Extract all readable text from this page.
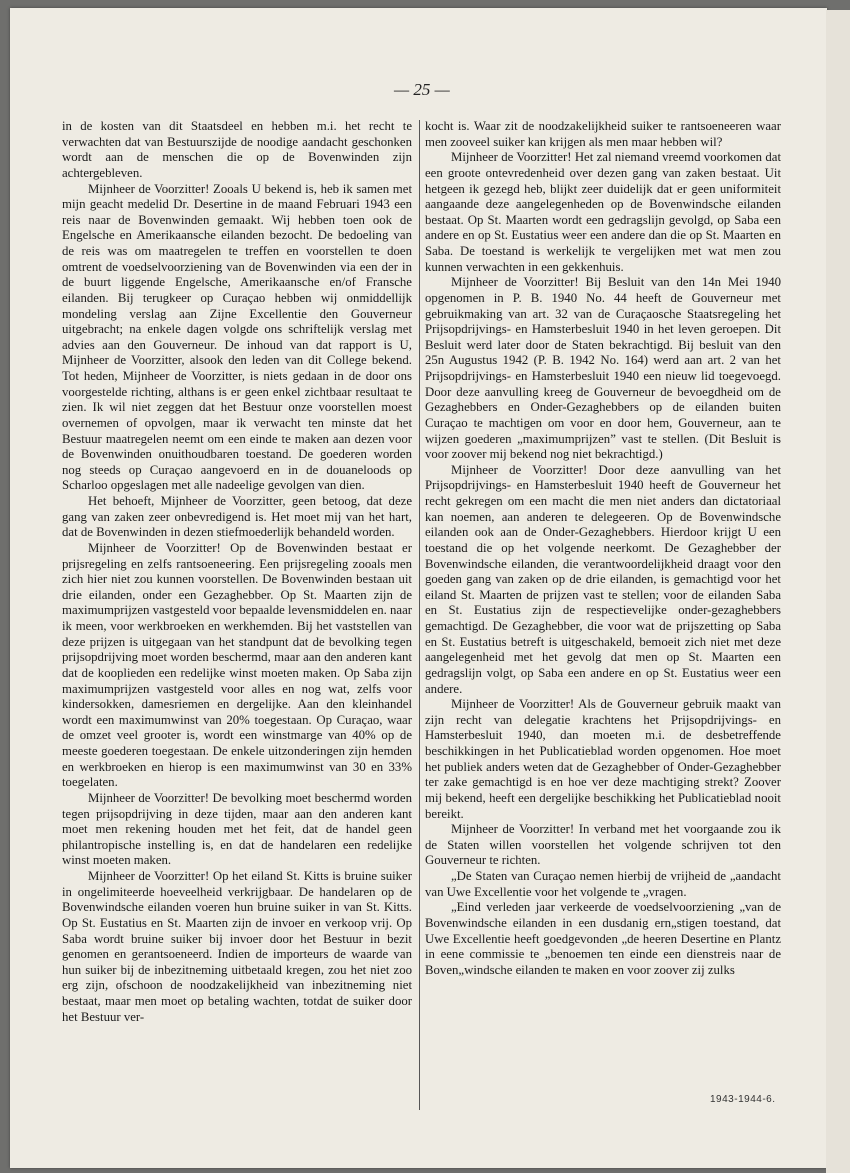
— 25 —

in de kosten van dit Staatsdeel en hebben m.i. het recht te verwachten dat van Bestuurszijde de noodige aandacht geschonken wordt aan de menschen die op de Bovenwinden zijn achtergebleven.

Mijnheer de Voorzitter! Zooals U bekend is, heb ik samen met mijn geacht medelid Dr. Desertine in de maand Februari 1943 een reis naar de Bovenwinden gemaakt. Wij hebben toen ook de Engelsche en Amerikaansche eilanden bezocht. De bedoeling van de reis was om maatregelen te treffen en voorstellen te doen omtrent de voedselvoorziening van de Bovenwinden via een der in de buurt liggende Engelsche, Amerikaansche en/of Fransche eilanden. Bij terugkeer op Curaçao hebben wij onmiddellijk mondeling verslag aan Zijne Excellentie den Gouverneur uitgebracht; na enkele dagen volgde ons schriftelijk verslag met advies aan den Gouverneur. De inhoud van dat rapport is U, Mijnheer de Voorzitter, alsook den leden van dit College bekend. Tot heden, Mijnheer de Voorzitter, is niets gedaan in de door ons voorgestelde richting, althans is er geen enkel zichtbaar resultaat te zien. Ik wil niet zeggen dat het Bestuur onze voorstellen moest overnemen of opvolgen, maar ik verwacht ten minste dat het Bestuur maatregelen neemt om een einde te maken aan dezen voor de Bovenwinden onuithoudbaren toestand. De goederen worden nog steeds op Curaçao aangevoerd en in de douaneloods op Scharloo opgeslagen met alle nadeelige gevolgen van dien.

Het behoeft, Mijnheer de Voorzitter, geen betoog, dat deze gang van zaken zeer onbevredigend is. Het moet mij van het hart, dat de Bovenwinden in dezen stiefmoederlijk behandeld worden.

Mijnheer de Voorzitter! Op de Bovenwinden bestaat er prijsregeling en zelfs rantsoeneering. Een prijsregeling zooals men zich hier niet zou kunnen voorstellen. De Bovenwinden bestaan uit drie eilanden, onder een Gezaghebber. Op St. Maarten zijn de maximumprijzen vastgesteld voor bepaalde levensmiddelen en. naar ik meen, voor werkbroeken en werkhemden. Bij het vaststellen van deze prijzen is uitgegaan van het standpunt dat de bevolking tegen prijsopdrijving moet worden beschermd, maar aan den anderen kant dat de kooplieden een redelijke winst moeten maken. Op Saba zijn maximumprijzen vastgesteld voor alles en nog wat, zelfs voor kindersokken, damesriemen en dergelijke. Aan den kleinhandel wordt een maximumwinst van 20% toegestaan. Op Curaçao, waar de omzet veel grooter is, wordt een winstmarge van 40% op de meeste goederen toegestaan. De enkele uitzonderingen zijn hemden en werkbroeken en hierop is een maximumwinst van 30 en 33% toegelaten.

Mijnheer de Voorzitter! De bevolking moet beschermd worden tegen prijsopdrijving in deze tijden, maar aan den anderen kant moet men rekening houden met het feit, dat de handel geen philantropische instelling is, en dat de handelaren een redelijke winst moeten maken.

Mijnheer de Voorzitter! Op het eiland St. Kitts is bruine suiker in ongelimiteerde hoeveelheid verkrijgbaar. De handelaren op de Bovenwindsche eilanden voeren hun bruine suiker in van St. Kitts. Op St. Eustatius en St. Maarten zijn de invoer en verkoop vrij. Op Saba wordt bruine suiker bij invoer door het Bestuur in bezit genomen en gerantsoeneerd. Indien de importeurs de waarde van hun suiker bij de inbezitneming uitbetaald kregen, zou het niet zoo erg zijn, ofschoon de noodzakelijkheid van inbezitneming niet bestaat, maar men moet op betaling wachten, totdat de suiker door het Bestuur ver-

kocht is. Waar zit de noodzakelijkheid suiker te rantsoeneeren waar men zooveel suiker kan krijgen als men maar hebben wil?

Mijnheer de Voorzitter! Het zal niemand vreemd voorkomen dat een groote ontevredenheid over dezen gang van zaken bestaat. Uit hetgeen ik gezegd heb, blijkt zeer duidelijk dat er geen uniformiteit aangaande deze aangelegenheden op de Bovenwindsche eilanden bestaat. Op St. Maarten wordt een gedragslijn gevolgd, op Saba een andere en op St. Eustatius weer een andere dan die op St. Maarten en Saba. De toestand is werkelijk te vergelijken met wat men zou kunnen verwachten in een gekkenhuis.

Mijnheer de Voorzitter! Bij Besluit van den 14n Mei 1940 opgenomen in P. B. 1940 No. 44 heeft de Gouverneur met gebruikmaking van art. 32 van de Curaçaosche Staatsregeling het Prijsopdrijvings- en Hamsterbesluit 1940 in het leven geroepen. Dit Besluit werd later door de Staten bekrachtigd. Bij besluit van den 25n Augustus 1942 (P. B. 1942 No. 164) werd aan art. 2 van het Prijsopdrijvings- en Hamsterbesluit 1940 een nieuw lid toegevoegd. Door deze aanvulling kreeg de Gouverneur de bevoegdheid om de Gezaghebbers en Onder-Gezaghebbers op de eilanden buiten Curaçao te machtigen om voor en door hem, Gouverneur, aan te wijzen goederen „maximumprijzen” vast te stellen. (Dit Besluit is voor zoover mij bekend nog niet bekrachtigd.)

Mijnheer de Voorzitter! Door deze aanvulling van het Prijsopdrijvings- en Hamsterbesluit 1940 heeft de Gouverneur het recht gekregen om een macht die men niet anders dan dictatoriaal kan noemen, aan anderen te delegeeren. Op de Bovenwindsche eilanden ook aan de Onder-Gezaghebbers. Hierdoor krijgt U een toestand die op het volgende neerkomt. De Gezaghebber der Bovenwindsche eilanden, die verantwoordelijkheid draagt voor den goeden gang van zaken op de drie eilanden, is gemachtigd voor het eiland St. Maarten de prijzen vast te stellen; voor de eilanden Saba en St. Eustatius zijn de respectievelijke onder-gezaghebbers gemachtigd. De Gezaghebber, die voor wat de prijszetting op Saba en St. Eustatius betreft is uitgeschakeld, bemoeit zich niet met deze aangelegenheid met het gevolg dat men op St. Maarten een gedragslijn volgt, op Saba een andere en op St. Eustatius weer een andere.

Mijnheer de Voorzitter! Als de Gouverneur gebruik maakt van zijn recht van delegatie krachtens het Prijsopdrijvings- en Hamsterbesluit 1940, dan moeten m.i. de desbetreffende beschikkingen in het Publicatieblad worden opgenomen. Hoe moet het publiek anders weten dat de Gezaghebber of Onder-Gezaghebber ter zake gemachtigd is en hoe ver deze machtiging strekt? Zoover mij bekend, heeft een dergelijke beschikking het Publicatieblad nooit bereikt.

Mijnheer de Voorzitter! In verband met het voorgaande zou ik de Staten willen voorstellen het volgende schrijven tot den Gouverneur te richten.

„De Staten van Curaçao nemen hierbij de vrijheid de „aandacht van Uwe Excellentie voor het volgende te „vragen.

„Eind verleden jaar verkeerde de voedselvoorziening „van de Bovenwindsche eilanden in een dusdanig ern„stigen toestand, dat Uwe Excellentie heeft goedgevonden „de heeren Desertine en Plantz in eene commissie te „benoemen ten einde een dienstreis naar de Boven„windsche eilanden te maken en voor zoover zij zulks

1943-1944-6.
